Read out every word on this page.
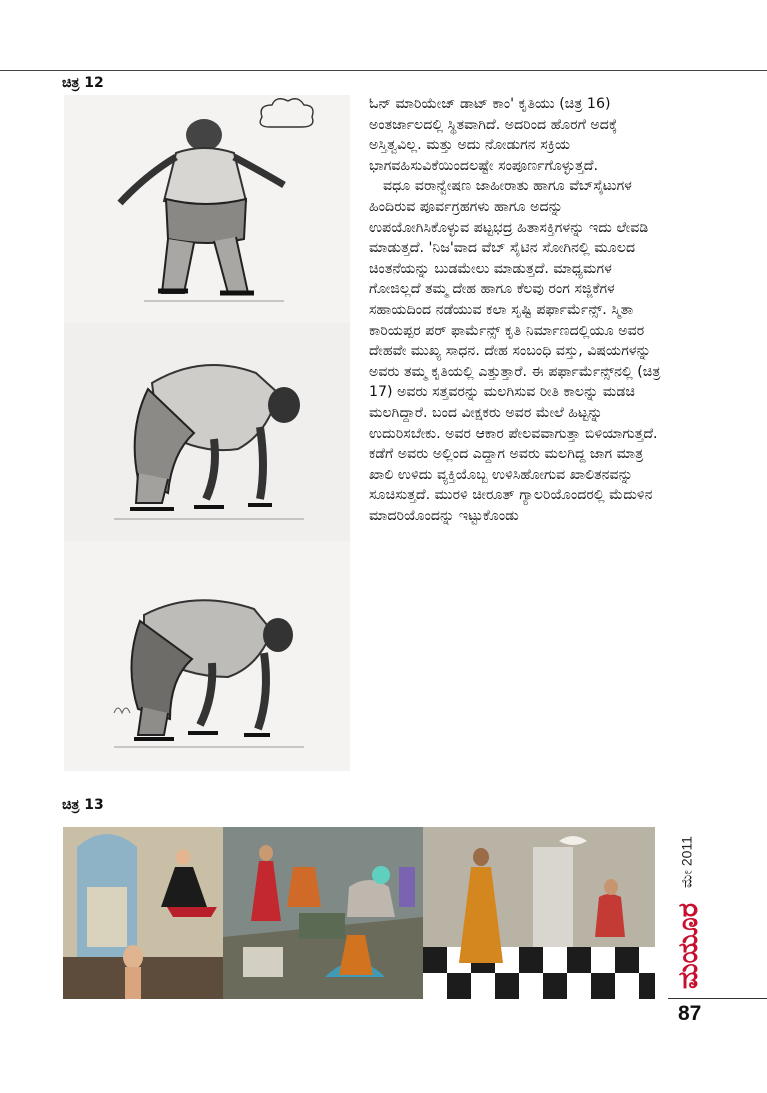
ಚಿತ್ರ 12

ಓನ್ ಮಾರಿಯೇಜ್ ಡಾಟ್ ಕಾಂ' ಕೃತಿಯು (ಚಿತ್ರ 16) ಅಂತರ್ಜಾಲದಲ್ಲಿ ಸ್ಥಿತವಾಗಿದೆ. ಅದರಿಂದ ಹೊರಗೆ ಅದಕ್ಕೆ ಅಸ್ತಿತ್ವವಿಲ್ಲ. ಮತ್ತು ಅದು ನೋಡುಗನ ಸಕ್ರಿಯ ಭಾಗವಹಿಸುವಿಕೆಯಿಂದಲಷ್ಟೇ ಸಂಪೂರ್ಣಗೊಳ್ಳುತ್ತದೆ.

ವಧೂ ವರಾನ್ವೇಷಣ ಜಾಹೀರಾತು ಹಾಗೂ ವೆಬ್‌ಸೈಟುಗಳ ಹಿಂದಿರುವ ಪೂರ್ವಗ್ರಹಗಳು ಹಾಗೂ ಅದನ್ನು ಉಪಯೋಗಿಸಿಕೊಳ್ಳುವ ಪಟ್ಟಭದ್ರ ಹಿತಾಸಕ್ತಿಗಳನ್ನು ಇದು ಲೇವಡಿ ಮಾಡುತ್ತದೆ. 'ನಿಜ'ವಾದ ವೆಬ್ ಸೈಟಿನ ಸೋಗಿನಲ್ಲಿ ಮೂಲದ ಚಿಂತನೆಯನ್ನು ಬುಡಮೇಲು ಮಾಡುತ್ತದೆ. ಮಾಧ್ಯಮಗಳ ಗೋಜಿಲ್ಲದೆ ತಮ್ಮ ದೇಹ ಹಾಗೂ ಕೆಲವು ರಂಗ ಸಜ್ಜಿಕೆಗಳ ಸಹಾಯದಿಂದ ನಡೆಯುವ ಕಲಾ ಸೃಷ್ಟಿ ಪರ್ಫಾರ್ಮೆನ್ಸ್. ಸ್ಮಿತಾ ಕಾರಿಯಪ್ಪರ ಪರ್ ಫಾರ್ಮೆನ್ಸ್ ಕೃತಿ ನಿರ್ಮಾಣದಲ್ಲಿಯೂ ಅವರ ದೇಹವೇ ಮುಖ್ಯ ಸಾಧನ. ದೇಹ ಸಂಬಂಧಿ ವಸ್ತು, ವಿಷಯಗಳನ್ನು ಅವರು ತಮ್ಮ ಕೃತಿಯಲ್ಲಿ ಎತ್ತುತ್ತಾರೆ. ಈ ಪರ್ಫಾರ್ಮೆನ್ಸ್‌ನಲ್ಲಿ (ಚಿತ್ರ 17) ಅವರು ಸತ್ತವರನ್ನು ಮಲಗಿಸುವ ರೀತಿ ಕಾಲನ್ನು ಮಡಚಿ ಮಲಗಿದ್ದಾರೆ. ಬಂದ ವೀಕ್ಷಕರು ಅವರ ಮೇಲೆ ಹಿಟ್ಟನ್ನು ಉದುರಿಸಬೇಕು. ಅವರ ಆಕಾರ ಪೇಲವವಾಗುತ್ತಾ ಬಿಳಿಯಾಗುತ್ತದೆ. ಕಡೆಗೆ ಅವರು ಅಲ್ಲಿಂದ ಎದ್ದಾಗ ಅವರು ಮಲಗಿದ್ದ ಜಾಗ ಮಾತ್ರ ಖಾಲಿ ಉಳಿದು ವ್ಯಕ್ತಿಯೊಬ್ಬ ಉಳಿಸಿಹೋಗುವ ಖಾಲಿತನವನ್ನು ಸೂಚಿಸುತ್ತದೆ. ಮುರಳಿ ಚೀರೂತ್ ಗ್ಯಾಲರಿಯೊಂದರಲ್ಲಿ ಮೆದುಳಿನ ಮಾದರಿಯೊಂದನ್ನು ಇಟ್ಟುಕೊಂಡು

ಚಿತ್ರ 13
ಮೇ 2011
ಮಯೂರ
87
